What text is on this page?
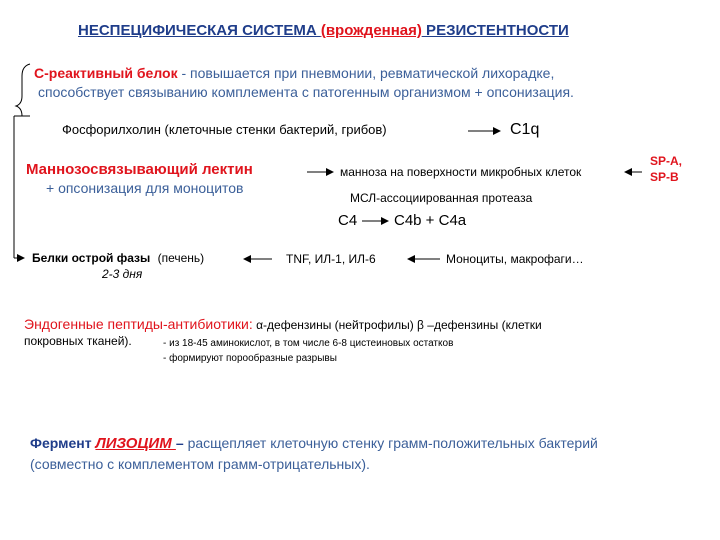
НЕСПЕЦИФИЧЕСКАЯ СИСТЕМА (врожденная) РЕЗИСТЕНТНОСТИ
С-реактивный белок - повышается при пневмонии, ревматической лихорадке,
способствует связыванию комплемента с патогенным организмом + опсонизация.
Фосфорилхолин (клеточные стенки бактерий, грибов)	C1q
Маннозосвязывающий лектин
+ опсонизация для моноцитов
манноза на поверхности микробных клеток
SP-A,
SP-B
МСЛ-ассоциированная протеаза
C4 C4b + C4a
Белки острой фазы (печень)
2-3 дня
TNF, ИЛ-1, ИЛ-6	Моноциты, макрофаги…
Эндогенные пептиды-антибиотики: α-дефензины (нейтрофилы) β –дефензины (клетки
покровных тканей).	- из 18-45 аминокислот, в том числе 6-8 цистеиновых остатков
- формируют порообразные разрывы
Фермент ЛИЗОЦИМ – расщепляет клеточную стенку грамм-положительных бактерий
(совместно с комплементом грамм-отрицательных).
